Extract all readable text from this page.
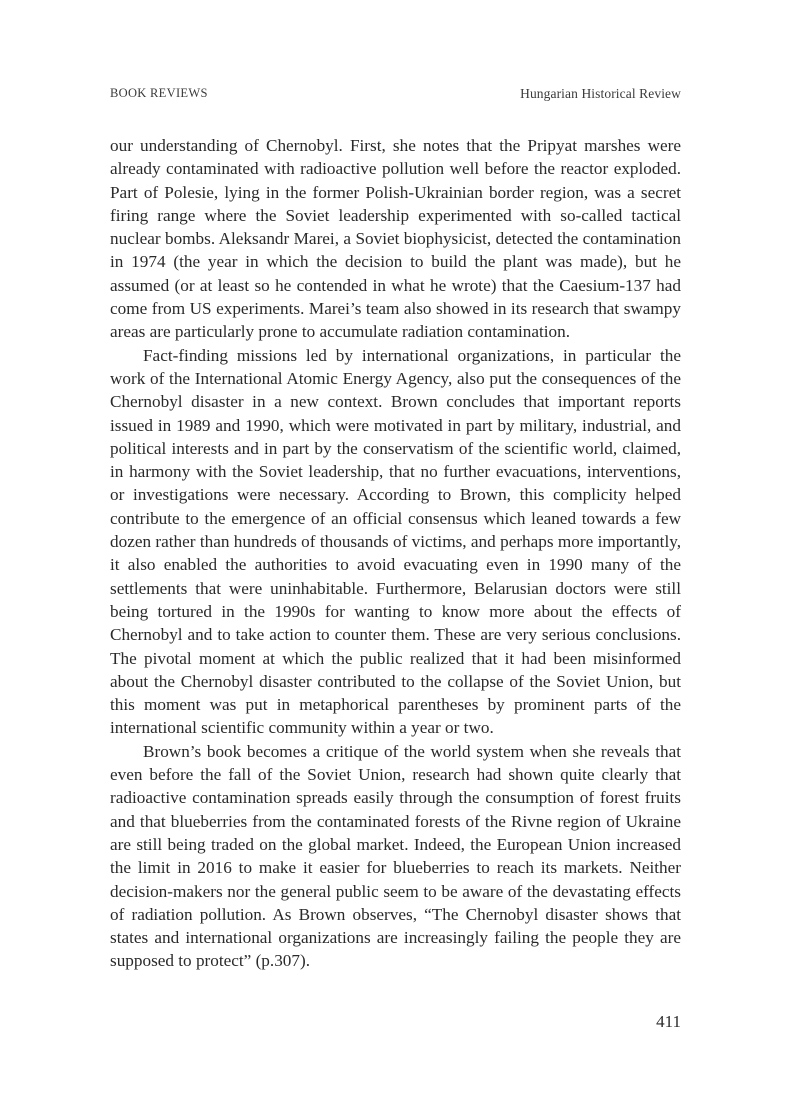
BOOK REVIEWS	Hungarian Historical Review

our understanding of Chernobyl. First, she notes that the Pripyat marshes were already contaminated with radioactive pollution well before the reactor exploded. Part of Polesie, lying in the former Polish-Ukrainian border region, was a secret firing range where the Soviet leadership experimented with so-called tactical nuclear bombs. Aleksandr Marei, a Soviet biophysicist, detected the contamination in 1974 (the year in which the decision to build the plant was made), but he assumed (or at least so he contended in what he wrote) that the Caesium-137 had come from US experiments. Marei’s team also showed in its research that swampy areas are particularly prone to accumulate radiation contamination.

Fact-finding missions led by international organizations, in particular the work of the International Atomic Energy Agency, also put the consequences of the Chernobyl disaster in a new context. Brown concludes that important reports issued in 1989 and 1990, which were motivated in part by military, industrial, and political interests and in part by the conservatism of the scientific world, claimed, in harmony with the Soviet leadership, that no further evacuations, interventions, or investigations were necessary. According to Brown, this complicity helped contribute to the emergence of an official consensus which leaned towards a few dozen rather than hundreds of thousands of victims, and perhaps more importantly, it also enabled the authorities to avoid evacuating even in 1990 many of the settlements that were uninhabitable. Furthermore, Belarusian doctors were still being tortured in the 1990s for wanting to know more about the effects of Chernobyl and to take action to counter them. These are very serious conclusions. The pivotal moment at which the public realized that it had been misinformed about the Chernobyl disaster contributed to the collapse of the Soviet Union, but this moment was put in metaphorical parentheses by prominent parts of the international scientific community within a year or two.

Brown’s book becomes a critique of the world system when she reveals that even before the fall of the Soviet Union, research had shown quite clearly that radioactive contamination spreads easily through the consumption of forest fruits and that blueberries from the contaminated forests of the Rivne region of Ukraine are still being traded on the global market. Indeed, the European Union increased the limit in 2016 to make it easier for blueberries to reach its markets. Neither decision-makers nor the general public seem to be aware of the devastating effects of radiation pollution. As Brown observes, “The Chernobyl disaster shows that states and international organizations are increasingly failing the people they are supposed to protect” (p.307).

411
